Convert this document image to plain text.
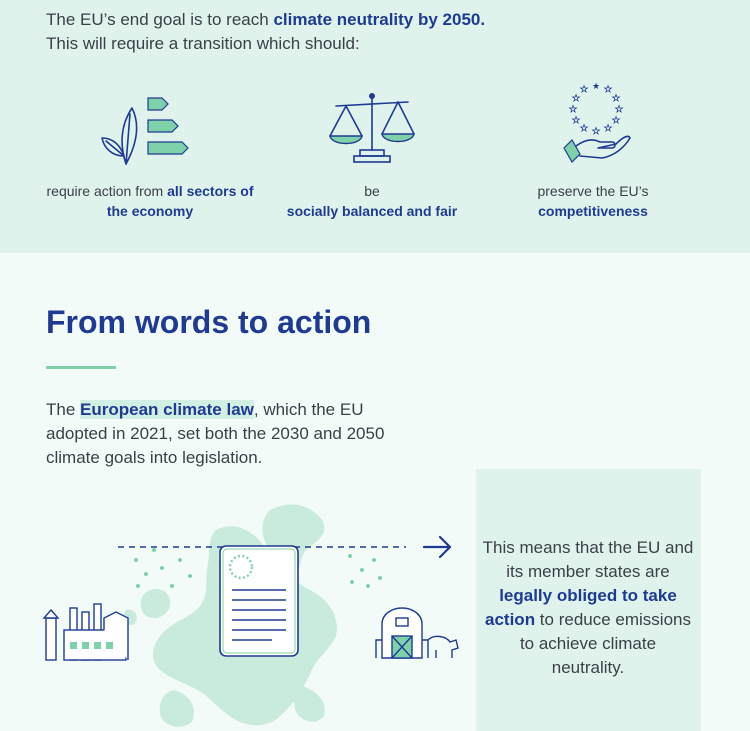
The EU’s end goal is to reach climate neutrality by 2050.
This will require a transition which should:

★ ★
★
★
★
★
★
★
★
★
★
★

require action from all sectors of the economy

be
socially balanced and fair

preserve the EU’s
competitiveness

From words to action

The European climate law, which the EU adopted in 2021, set both the 2030 and 2050 climate goals into legislation.

This means that the EU and its member states are legally obliged to take action to reduce emissions to achieve climate neutrality.
